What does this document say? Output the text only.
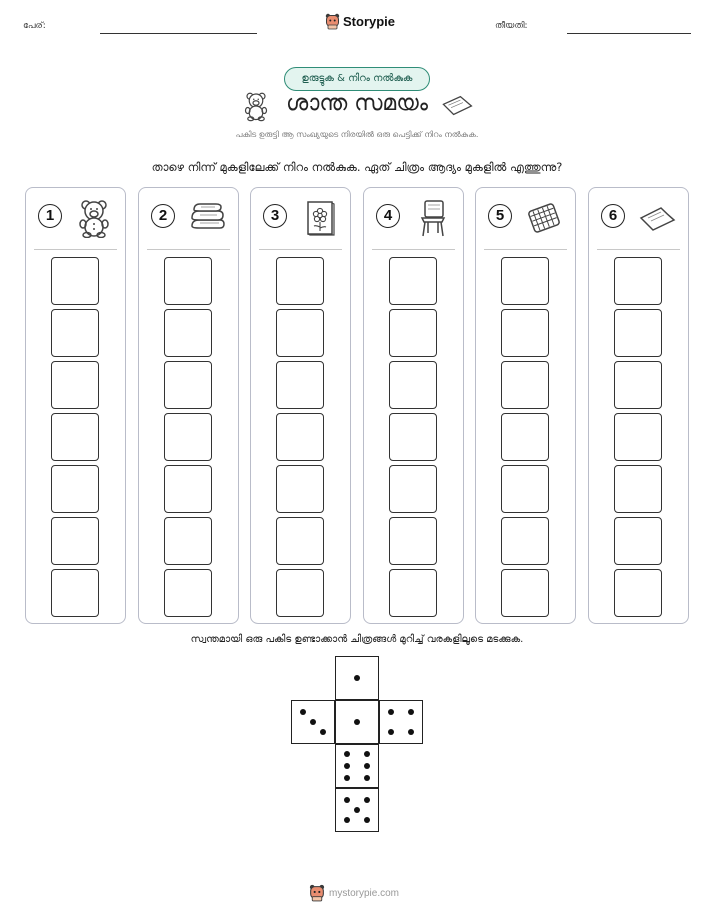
പേര്:	Storypie	തീയതി:
ഉരുട്ടുക & നിറം നൽകുക
ശാന്ത സമയം
പകിട ഉരുട്ടി ആ സംഖ്യയുടെ നിരയിൽ ഒരു പെട്ടിക്ക് നിറം നൽകുക.
താഴെ നിന്ന് മുകളിലേക്ക് നിറം നൽകുക. ഏത് ചിത്രം ആദ്യം മുകളിൽ എത്തുന്നു?
1	2	3	4	5	6
സ്വന്തമായി ഒരു പകിട ഉണ്ടാക്കാൻ ചിത്രങ്ങൾ മുറിച്ച് വരകളിലൂടെ മടക്കുക.
mystorypie.com
